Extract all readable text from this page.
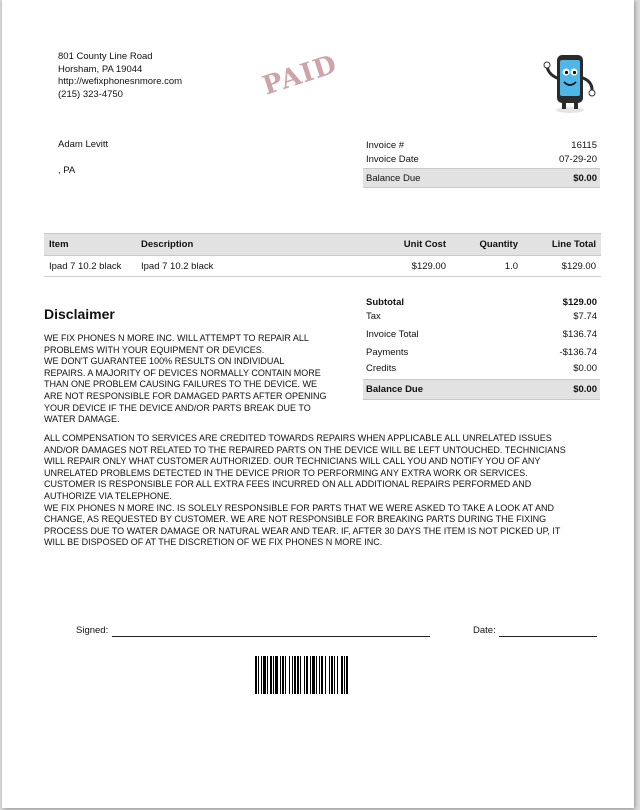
801 County Line Road
Horsham, PA 19044
http://wefixphonesnmore.com
(215) 323-4750	PAID
Adam Levitt
, PA
Invoice #	16115
Invoice Date	07-29-20
Balance Due	$0.00
Item	Description	Unit Cost	Quantity	Line Total
Ipad 7 10.2 black	Ipad 7 10.2 black	$129.00	1.0	$129.00
Subtotal	$129.00
Tax	$7.74
Invoice Total	$136.74
Payments	-$136.74
Credits	$0.00
Balance Due	$0.00
Disclaimer
WE FIX PHONES N MORE INC. WILL ATTEMPT TO REPAIR ALL
PROBLEMS WITH YOUR EQUIPMENT OR DEVICES.
WE DON'T GUARANTEE 100% RESULTS ON INDIVIDUAL
REPAIRS. A MAJORITY OF DEVICES NORMALLY CONTAIN MORE
THAN ONE PROBLEM CAUSING FAILURES TO THE DEVICE. WE
ARE NOT RESPONSIBLE FOR DAMAGED PARTS AFTER OPENING
YOUR DEVICE IF THE DEVICE AND/OR PARTS BREAK DUE TO
WATER DAMAGE.
ALL COMPENSATION TO SERVICES ARE CREDITED TOWARDS REPAIRS WHEN APPLICABLE ALL UNRELATED ISSUES
AND/OR DAMAGES NOT RELATED TO THE REPAIRED PARTS ON THE DEVICE WILL BE LEFT UNTOUCHED. TECHNICIANS
WILL REPAIR ONLY WHAT CUSTOMER AUTHORIZED. OUR TECHNICIANS WILL CALL YOU AND NOTIFY YOU OF ANY
UNRELATED PROBLEMS DETECTED IN THE DEVICE PRIOR TO PERFORMING ANY EXTRA WORK OR SERVICES.
CUSTOMER IS RESPONSIBLE FOR ALL EXTRA FEES INCURRED ON ALL ADDITIONAL REPAIRS PERFORMED AND
AUTHORIZE VIA TELEPHONE.
WE FIX PHONES N MORE INC. IS SOLELY RESPONSIBLE FOR PARTS THAT WE WERE ASKED TO TAKE A LOOK AT AND
CHANGE, AS REQUESTED BY CUSTOMER. WE ARE NOT RESPONSIBLE FOR BREAKING PARTS DURING THE FIXING
PROCESS DUE TO WATER DAMAGE OR NATURAL WEAR AND TEAR. IF, AFTER 30 DAYS THE ITEM IS NOT PICKED UP, IT
WILL BE DISPOSED OF AT THE DISCRETION OF WE FIX PHONES N MORE INC.
Signed:	Date:
